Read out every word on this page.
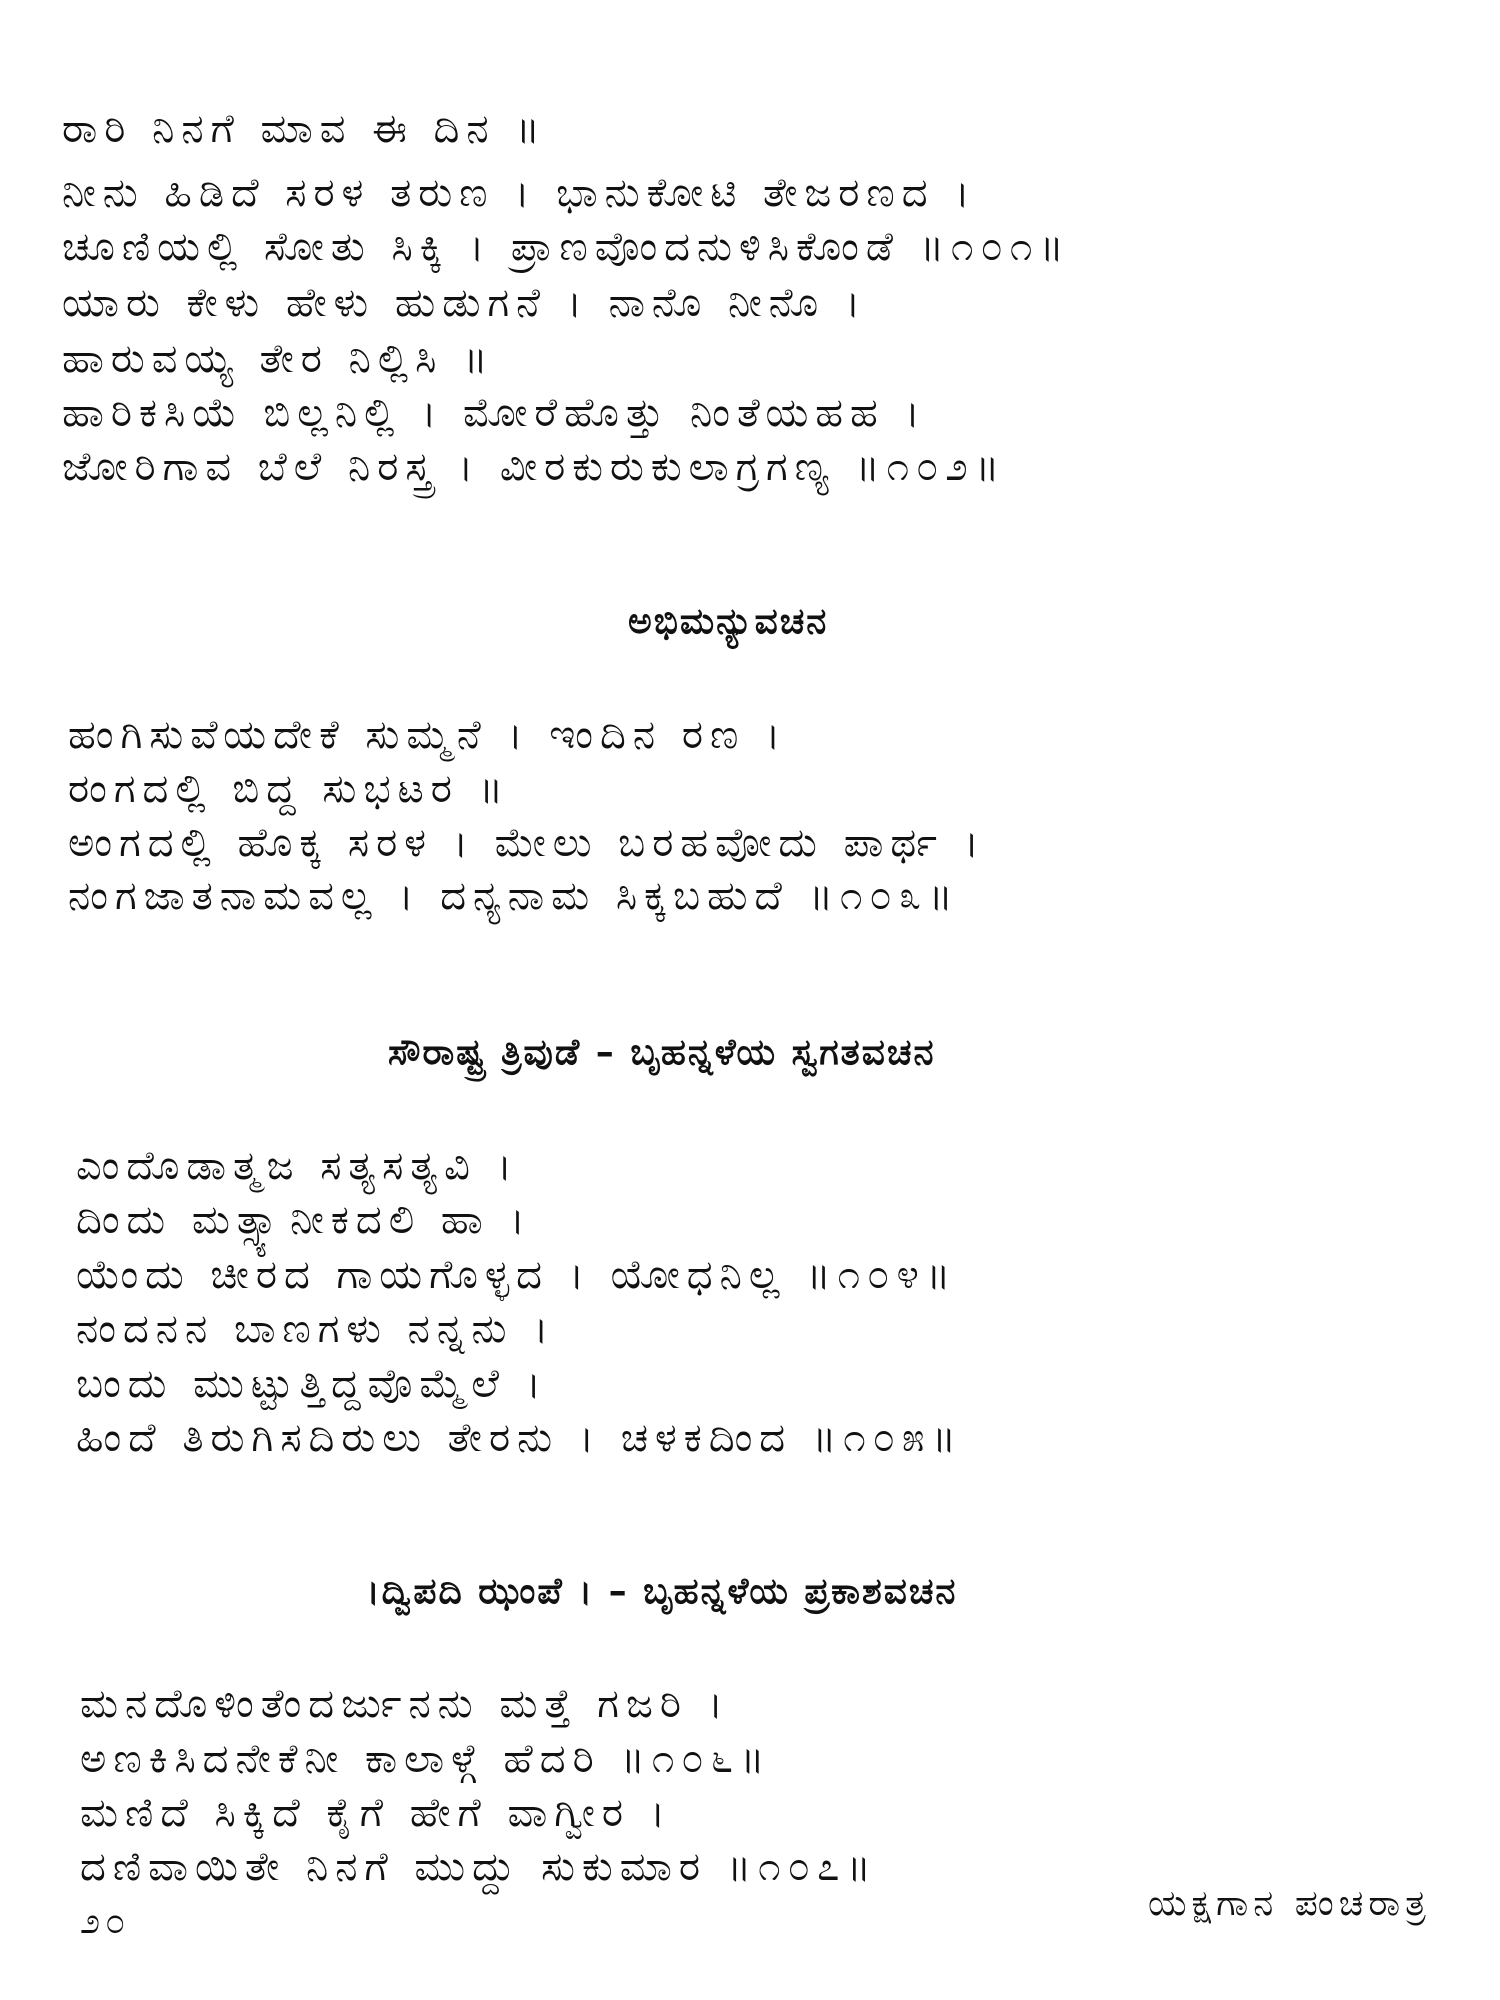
ರಾರಿ ನಿನಗೆ ಮಾವ ಈ ದಿನ ॥
ನೀನು ಹಿಡಿದೆ ಸರಳ ತರುಣ । ಭಾನುಕೋಟಿ ತೇಜರಣದ ।
ಚೂಣಿಯಲ್ಲಿ ಸೋತು ಸಿಕ್ಕಿ । ಪ್ರಾಣವೊಂದನುಳಿಸಿಕೊಂಡೆ ॥೧೦೧॥
ಯಾರು ಕೇಳು ಹೇಳು ಹುಡುಗನೆ । ನಾನೊ ನೀನೊ ।
ಹಾರುವಯ್ಯ ತೇರ ನಿಲ್ಲಿಸಿ ॥
ಹಾರಿಕಸಿಯೆ ಬಿಲ್ಲನಿಲ್ಲಿ । ಮೋರೆಹೊತ್ತು ನಿಂತೆಯಹಹ ।
ಜೋರಿಗಾವ ಬೆಲೆ ನಿರಸ್ತ್ರ । ವೀರಕುರುಕುಲಾಗ್ರಗಣ್ಯ ॥೧೦೨॥
ಅಭಿಮನ್ಯುವಚನ
ಹಂಗಿಸುವೆಯದೇಕೆ ಸುಮ್ಮನೆ । ಇಂದಿನ ರಣ ।
ರಂಗದಲ್ಲಿ ಬಿದ್ದ ಸುಭಟರ ॥
ಅಂಗದಲ್ಲಿ ಹೊಕ್ಕ ಸರಳ । ಮೇಲು ಬರಹವೋದು ಪಾರ್ಥ ।
ನಂಗಜಾತನಾಮವಲ್ಲ । ದನ್ಯನಾಮ ಸಿಕ್ಕಬಹುದೆ ॥೧೦೩॥
ಸೌರಾಷ್ಟ್ರ ತ್ರಿವುಡೆ – ಬೃಹನ್ನಳೆಯ ಸ್ವಗತವಚನ
ಎಂದೊಡಾತ್ಮಜ ಸತ್ಯಸತ್ಯವಿ ।
ದಿಂದು ಮತ್ಸ್ಯಾನೀಕದಲಿ ಹಾ ।
ಯೆಂದು ಚೀರದ ಗಾಯಗೊಳ್ಳದ । ಯೋಧನಿಲ್ಲ ॥೧೦೪॥
ನಂದನನ ಬಾಣಗಳು ನನ್ನನು ।
ಬಂದು ಮುಟ್ಟುತ್ತಿದ್ದವೊಮ್ಮೆಲೆ ।
ಹಿಂದೆ ತಿರುಗಿಸದಿರುಲು ತೇರನು । ಚಳಕದಿಂದ ॥೧೦೫॥
।ದ್ವಿಪದಿ ಝಂಪೆ । – ಬೃಹನ್ನಳೆಯ ಪ್ರಕಾಶವಚನ
ಮನದೊಳಿಂತೆಂದರ್ಜುನನು ಮತ್ತೆ ಗಜರಿ ।
ಅಣಕಿಸಿದನೇಕೆನೀ ಕಾಲಾಳ್ಗೆ ಹೆದರಿ ॥೧೦೬॥
ಮಣಿದೆ ಸಿಕ್ಕಿದೆ ಕೈಗೆ ಹೇಗೆ ವಾಗ್ವೀರ ।
ದಣಿವಾಯಿತೇ ನಿನಗೆ ಮುದ್ದು ಸುಕುಮಾರ ॥೧೦೭॥
೨೦	ಯಕ್ಷಗಾನ ಪಂಚರಾತ್ರ
